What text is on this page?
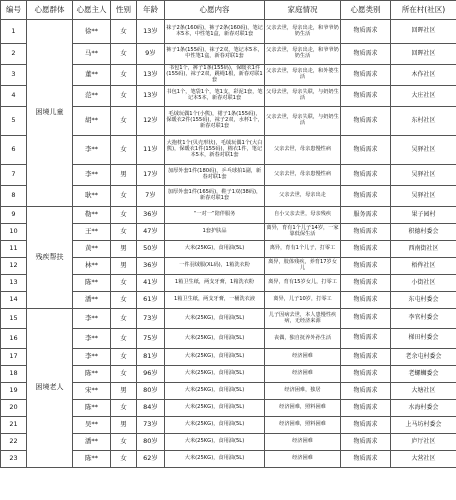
编号	心愿群体	心愿主人	性别	年龄	心愿内容	家庭情况	心愿类别	所在村(社区)
1	困境儿童	徐**	女	13岁	袜子2条(160码)，裤子2条(160码)，笔记本5本，中性笔1盒，新春对联1套	父亲去世，母亲出走，和爷爷奶奶生活	物质需求	回晖社区
2		马**	女	9岁	裤子1条(155码)，袜子2双，笔记本5本，中性笔1盒，新春对联1套	父亲去世，母亲出走，和爷爷奶奶生活	物质需求	回晖社区
3		董**	女	13岁	书包1个，裤子1条(155码)，保暖衣1件(155码)，袜子2双，跳绳1根，新春对联1套	父亲去世，母亲出走，和外婆生活	物质需求	木作社区
4		范**	女	13岁	书包1个，笔袋1个，笔1支，彩泥1套，笔记本5本，新春对联1套	父母去世，母亲失联，与奶奶生活	物质需求	大庄社区
5		胡**	女	12岁	毛绒玩偶1个(小熊)，裙子1条(155码)，保暖衣2件(155码)，袜子2双，水杯1个，新春对联1套	父亲去世，母亲失联，与奶奶生活	物质需求	东村社区
6		李**	女	11岁	大抱枕1个(贝壳形状)，毛绒玩偶1个(大白熊)，保暖衣1件(155码)，棉衣1件，笔记本5本，新春对联1套	父亲去世，母亲患慢性病	物质需求	吴驿社区
7		李**	男	17岁	加厚外套1件(180码)，乒乓球拍1副，新春对联1套	父亲去世，母亲患慢性病	物质需求	吴驿社区
8		耿**	女	7岁	加厚外套1件(165码)，鞋子1双(38码)，新春对联1套	父亲去世，母亲出走	物质需求	吴驿社区
9	残疾帮扶	勒**	女	36岁	“一对一”陪伴服务	自小父亲去世，母亲残疾	服务需求	果子园村
10		王**	女	47岁	1套护肤品	离异，育有1个儿子14岁，一家靠低保生活	物质需求	积德村委会
11		黄**	男	50岁	大米(25KG)，食用油(5L)	离异，育有1个儿子，打零工	物质需求	西南街社区
12		林**	男	36岁	一件羽绒服(XL码)，1箱洗衣粉	离异，肢体残疾，养育17岁女儿	物质需求	梧侔社区
13		陈**	女	41岁	1箱卫生纸，两支牙膏，1箱洗衣粉	离异，育有15岁女儿，打零工	物质需求	小街社区
14		潘**	女	61岁	1箱卫生纸，两支牙膏，一桶洗衣液	离异，儿子10岁，打零工	物质需求	东屯村委会
15	困境老人	李**	女	73岁	大米(25KG)，食用油(5L)	儿子因病去世，本人患慢性疾病，无经济来源	物质需求	李官村委会
16		李**	女	75岁	大米(25KG)，食用油(5L)	丧偶，独自抚养外孙生活	物质需求	梯田村委会
17		李**	女	81岁	大米(25KG)，食用油(5L)	经济困难	物质需求	老余屯村委会
18		陈**	女	96岁	大米(25KG)，食用油(5L)	经济困难	物质需求	老螺蛳委会
19		宋**	男	80岁	大米(25KG)，食用油(5L)	经济困难，独居	物质需求	大塘社区
20		陈**	女	84岁	大米(25KG)，食用油(5L)	经济困难，照料困难	物质需求	水海村委会
21		吴**	男	73岁	大米(25KG)，食用油(5L)	经济困难，照料困难	物质需求	上马坊村委会
22		潘**	女	80岁	大米(25KG)，食用油(5L)	经济困难	物质需求	庐厅社区
23		陈**	女	62岁	大米(25KG)，食用油(5L)	经济困难	物质需求	大营社区
